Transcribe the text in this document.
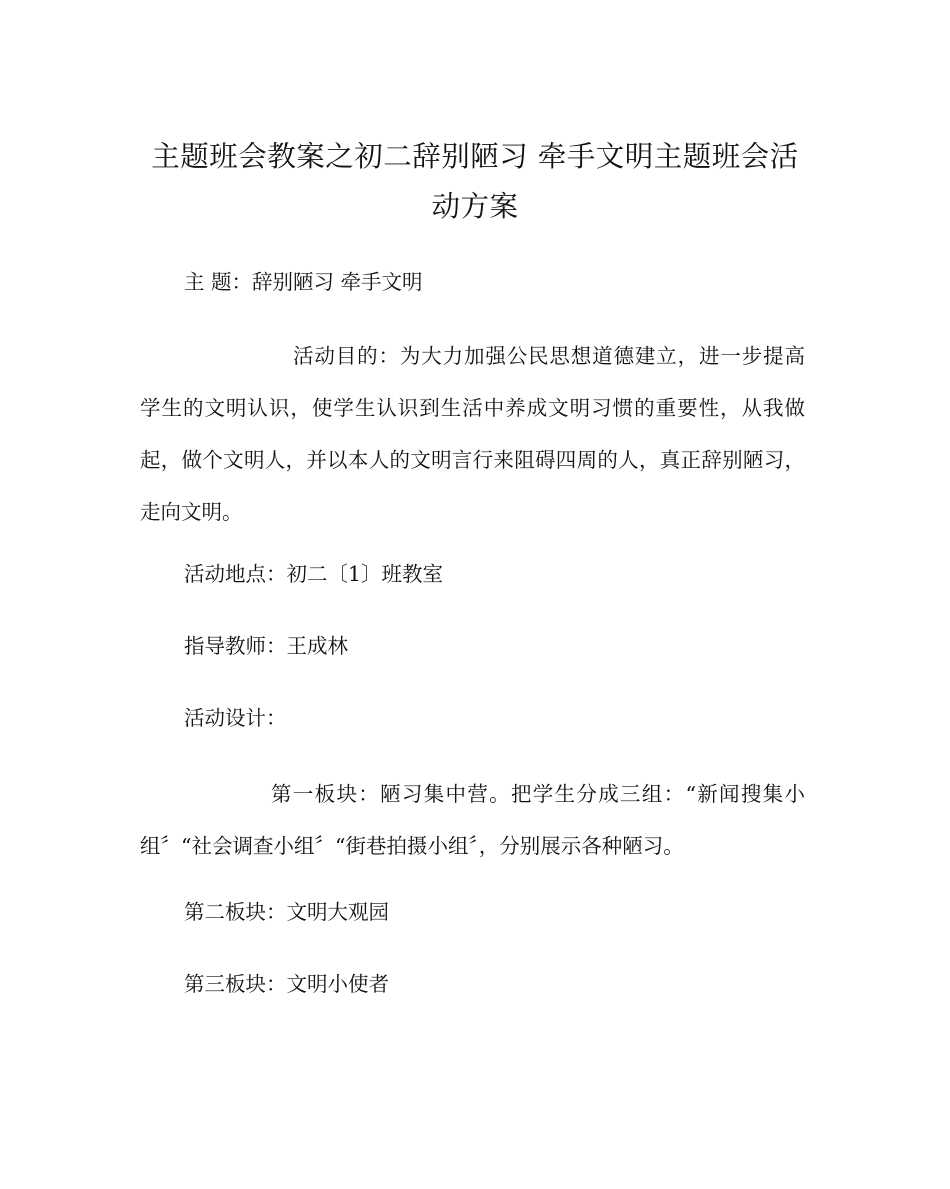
主题班会教案之初二辞别陋习 牵手文明主题班会活动方案
主 题：辞别陋习 牵手文明
活动目的：为大力加强公民思想道德建立，进一步提高学生的文明认识，使学生认识到生活中养成文明习惯的重要性，从我做起，做个文明人，并以本人的文明言行来阻碍四周的人，真正辞别陋习，走向文明。
活动地点：初二〔1〕班教室
指导教师：王成林
活动设计：
第一板块：陋习集中营。把学生分成三组：“新闻搜集小组〞“社会调查小组〞“街巷拍摄小组〞，分别展示各种陋习。
第二板块：文明大观园
第三板块：文明小使者
